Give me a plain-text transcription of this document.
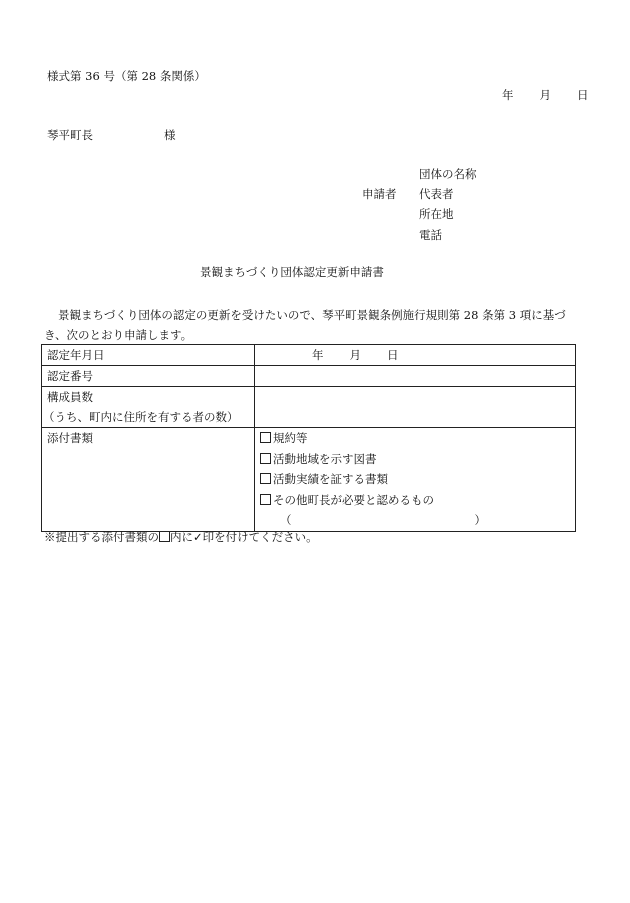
様式第 36 号（第 28 条関係）
年 月 日
琴平町長	様
申請者
団体の名称
代表者
所在地
電話
景観まちづくり団体認定更新申請書
景観まちづくり団体の認定の更新を受けたいので、琴平町景観条例施行規則第 28 条第 3 項に基づき、次のとおり申請します。
認定年月日	年 月 日
認定番号	

構成員数
（うち、町内に住所を有する者の数）	

添付書類	規約等
活動地域を示す図書
活動実績を証する書類
その他町長が必要と認めるもの
（ ）
※提出する添付書類の 内に✓印を付けてください。
